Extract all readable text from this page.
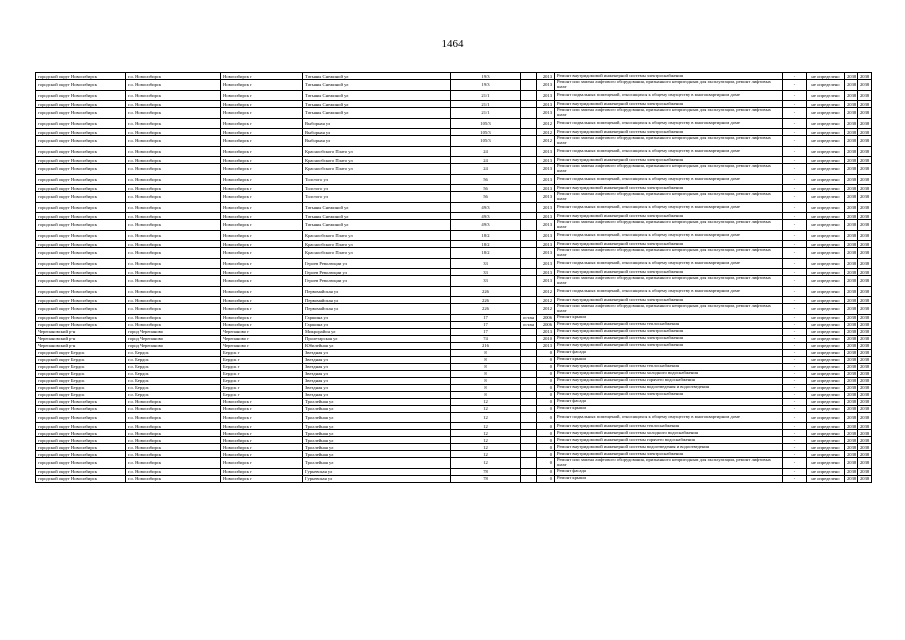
1464
городской округ Новосибирск	г.о. Новосибирск	Новосибирск г	Татьяны Снежиной ул	19/3		2013	Ремонт внутридомовой инженерной системы электроснабжения	-	не определено	2038	2038
городской округ Новосибирск	г.о. Новосибирск	Новосибирск г	Татьяны Снежиной ул	19/3		2013	Ремонт или замена лифтового оборудования, признанного непригодным для эксплуатации, ремонт лифтовых шахт	-	не определено	2038	2038
городской округ Новосибирск	г.о. Новосибирск	Новосибирск г	Татьяны Снежиной ул	21/1		2013	Ремонт подвальных помещений, относящихся к общему имуществу в многоквартирном доме	-	не определено	2038	2038
городской округ Новосибирск	г.о. Новосибирск	Новосибирск г	Татьяны Снежиной ул	21/1		2013	Ремонт внутридомовой инженерной системы электроснабжения	-	не определено	2038	2038
городской округ Новосибирск	г.о. Новосибирск	Новосибирск г	Татьяны Снежиной ул	21/1		2013	Ремонт или замена лифтового оборудования, признанного непригодным для эксплуатации, ремонт лифтовых шахт	-	не определено	2038	2038
городской округ Новосибирск	г.о. Новосибирск	Новосибирск г	Выборная ул	105/3		2012	Ремонт подвальных помещений, относящихся к общему имуществу в многоквартирном доме	-	не определено	2038	2038
городской округ Новосибирск	г.о. Новосибирск	Новосибирск г	Выборная ул	105/3		2012	Ремонт внутридомовой инженерной системы электроснабжения	-	не определено	2038	2038
городской округ Новосибирск	г.о. Новосибирск	Новосибирск г	Выборная ул	105/3		2012	Ремонт или замена лифтового оборудования, признанного непригодным для эксплуатации, ремонт лифтовых шахт	-	не определено	2038	2038
городской округ Новосибирск	г.о. Новосибирск	Новосибирск г	Краснообского Плато ул	24		2013	Ремонт подвальных помещений, относящихся к общему имуществу в многоквартирном доме	-	не определено	2038	2038
городской округ Новосибирск	г.о. Новосибирск	Новосибирск г	Краснообского Плато ул	24		2013	Ремонт внутридомовой инженерной системы электроснабжения	-	не определено	2038	2038
городской округ Новосибирск	г.о. Новосибирск	Новосибирск г	Краснообского Плато ул	24		2013	Ремонт или замена лифтового оборудования, признанного непригодным для эксплуатации, ремонт лифтовых шахт	-	не определено	2038	2038
городской округ Новосибирск	г.о. Новосибирск	Новосибирск г	Толстого ул	56		2013	Ремонт подвальных помещений, относящихся к общему имуществу в многоквартирном доме	-	не определено	2038	2038
городской округ Новосибирск	г.о. Новосибирск	Новосибирск г	Толстого ул	56		2013	Ремонт внутридомовой инженерной системы электроснабжения	-	не определено	2038	2038
городской округ Новосибирск	г.о. Новосибирск	Новосибирск г	Толстого ул	56		2013	Ремонт или замена лифтового оборудования, признанного непригодным для эксплуатации, ремонт лифтовых шахт	-	не определено	2038	2038
городской округ Новосибирск	г.о. Новосибирск	Новосибирск г	Татьяны Снежиной ул	49/3		2013	Ремонт подвальных помещений, относящихся к общему имуществу в многоквартирном доме	-	не определено	2038	2038
городской округ Новосибирск	г.о. Новосибирск	Новосибирск г	Татьяны Снежиной ул	49/3		2013	Ремонт внутридомовой инженерной системы электроснабжения	-	не определено	2038	2038
городской округ Новосибирск	г.о. Новосибирск	Новосибирск г	Татьяны Снежиной ул	49/3		2013	Ремонт или замена лифтового оборудования, признанного непригодным для эксплуатации, ремонт лифтовых шахт	-	не определено	2038	2038
городской округ Новосибирск	г.о. Новосибирск	Новосибирск г	Краснообского Плато ул	18/2		2013	Ремонт подвальных помещений, относящихся к общему имуществу в многоквартирном доме	-	не определено	2038	2038
городской округ Новосибирск	г.о. Новосибирск	Новосибирск г	Краснообского Плато ул	18/2		2013	Ремонт внутридомовой инженерной системы электроснабжения	-	не определено	2038	2038
городской округ Новосибирск	г.о. Новосибирск	Новосибирск г	Краснообского Плато ул	18/2		2013	Ремонт или замена лифтового оборудования, признанного непригодным для эксплуатации, ремонт лифтовых шахт	-	не определено	2038	2038
городской округ Новосибирск	г.о. Новосибирск	Новосибирск г	Героев Революции ул	33		2013	Ремонт подвальных помещений, относящихся к общему имуществу в многоквартирном доме	-	не определено	2038	2038
городской округ Новосибирск	г.о. Новосибирск	Новосибирск г	Героев Революции ул	33		2013	Ремонт внутридомовой инженерной системы электроснабжения	-	не определено	2038	2038
городской округ Новосибирск	г.о. Новосибирск	Новосибирск г	Героев Революции ул	33		2013	Ремонт или замена лифтового оборудования, признанного непригодным для эксплуатации, ремонт лифтовых шахт	-	не определено	2038	2038
городской округ Новосибирск	г.о. Новосибирск	Новосибирск г	Первомайская ул	226		2012	Ремонт подвальных помещений, относящихся к общему имуществу в многоквартирном доме	-	не определено	2038	2038
городской округ Новосибирск	г.о. Новосибирск	Новосибирск г	Первомайская ул	226		2012	Ремонт внутридомовой инженерной системы электроснабжения	-	не определено	2038	2038
городской округ Новосибирск	г.о. Новосибирск	Новосибирск г	Первомайская ул	226		2012	Ремонт или замена лифтового оборудования, признанного непригодным для эксплуатации, ремонт лифтовых шахт	-	не определено	2038	2038
городской округ Новосибирск	г.о. Новосибирск	Новосибирск г	Гаршина ул	17	остан	2006	Ремонт крыши	-	не определено	2038	2038
городской округ Новосибирск	г.о. Новосибирск	Новосибирск г	Гаршина ул	17	остан	2006	Ремонт внутридомовой инженерной системы теплоснабжения	-	не определено	2038	2038
Черепановский р-н	город Черепаново	Черепаново г	Микрорайон ул	17		2013	Ремонт внутридомовой инженерной системы электроснабжения	-	не определено	2038	2038
Черепановский р-н	город Черепаново	Черепаново г	Пролетарская ул	74		2010	Ремонт внутридомовой инженерной системы электроснабжения	-	не определено	2038	2038
Черепановский р-н	город Черепаново	Черепаново г	Юбилейная ул	216		2013	Ремонт внутридомовой инженерной системы электроснабжения	-	не определено	2038	2038
городской округ Бердск	г.о. Бердск	Бердск г	Звездная ул	8		0	Ремонт фасада	-	не определено	2038	2038
городской округ Бердск	г.о. Бердск	Бердск г	Звездная ул	8		0	Ремонт крыши	-	не определено	2038	2038
городской округ Бердск	г.о. Бердск	Бердск г	Звездная ул	8		0	Ремонт внутридомовой инженерной системы теплоснабжения	-	не определено	2038	2038
городской округ Бердск	г.о. Бердск	Бердск г	Звездная ул	8		0	Ремонт внутридомовой инженерной системы холодного водоснабжения	-	не определено	2038	2038
городской округ Бердск	г.о. Бердск	Бердск г	Звездная ул	8		0	Ремонт внутридомовой инженерной системы горячего водоснабжения	-	не определено	2038	2038
городской округ Бердск	г.о. Бердск	Бердск г	Звездная ул	8		0	Ремонт внутридомовой инженерной системы водоотведения и водоотведения	-	не определено	2038	2038
городской округ Бердск	г.о. Бердск	Бердск г	Звездная ул	8		0	Ремонт внутридомовой инженерной системы электроснабжения	-	не определено	2038	2038
городской округ Новосибирск	г.о. Новосибирск	Новосибирск г	Троллейная ул	12		0	Ремонт фасада	-	не определено	2038	2038
городской округ Новосибирск	г.о. Новосибирск	Новосибирск г	Троллейная ул	12		0	Ремонт крыши	-	не определено	2038	2038
городской округ Новосибирск	г.о. Новосибирск	Новосибирск г	Троллейная ул	12		0	Ремонт подвальных помещений, относящихся к общему имуществу в многоквартирном доме	-	не определено	2038	2038
городской округ Новосибирск	г.о. Новосибирск	Новосибирск г	Троллейная ул	12		0	Ремонт внутридомовой инженерной системы теплоснабжения	-	не определено	2038	2038
городской округ Новосибирск	г.о. Новосибирск	Новосибирск г	Троллейная ул	12		0	Ремонт внутридомовой инженерной системы холодного водоснабжения	-	не определено	2038	2038
городской округ Новосибирск	г.о. Новосибирск	Новосибирск г	Троллейная ул	12		0	Ремонт внутридомовой инженерной системы горячего водоснабжения	-	не определено	2038	2038
городской округ Новосибирск	г.о. Новосибирск	Новосибирск г	Троллейная ул	12		0	Ремонт внутридомовой инженерной системы водоотведения и водоотведения	-	не определено	2038	2038
городской округ Новосибирск	г.о. Новосибирск	Новосибирск г	Троллейная ул	12		0	Ремонт внутридомовой инженерной системы электроснабжения	-	не определено	2038	2038
городской округ Новосибирск	г.о. Новосибирск	Новосибирск г	Троллейная ул	12		0	Ремонт или замена лифтового оборудования, признанного непригодным для эксплуатации, ремонт лифтовых шахт	-	не определено	2038	2038
городской округ Новосибирск	г.о. Новосибирск	Новосибирск г	Гурьевская ул	78		0	Ремонт фасада	-	не определено	2038	2038
городской округ Новосибирск	г.о. Новосибирск	Новосибирск г	Гурьевская ул	78		0	Ремонт крыши	-	не определено	2038	2038
